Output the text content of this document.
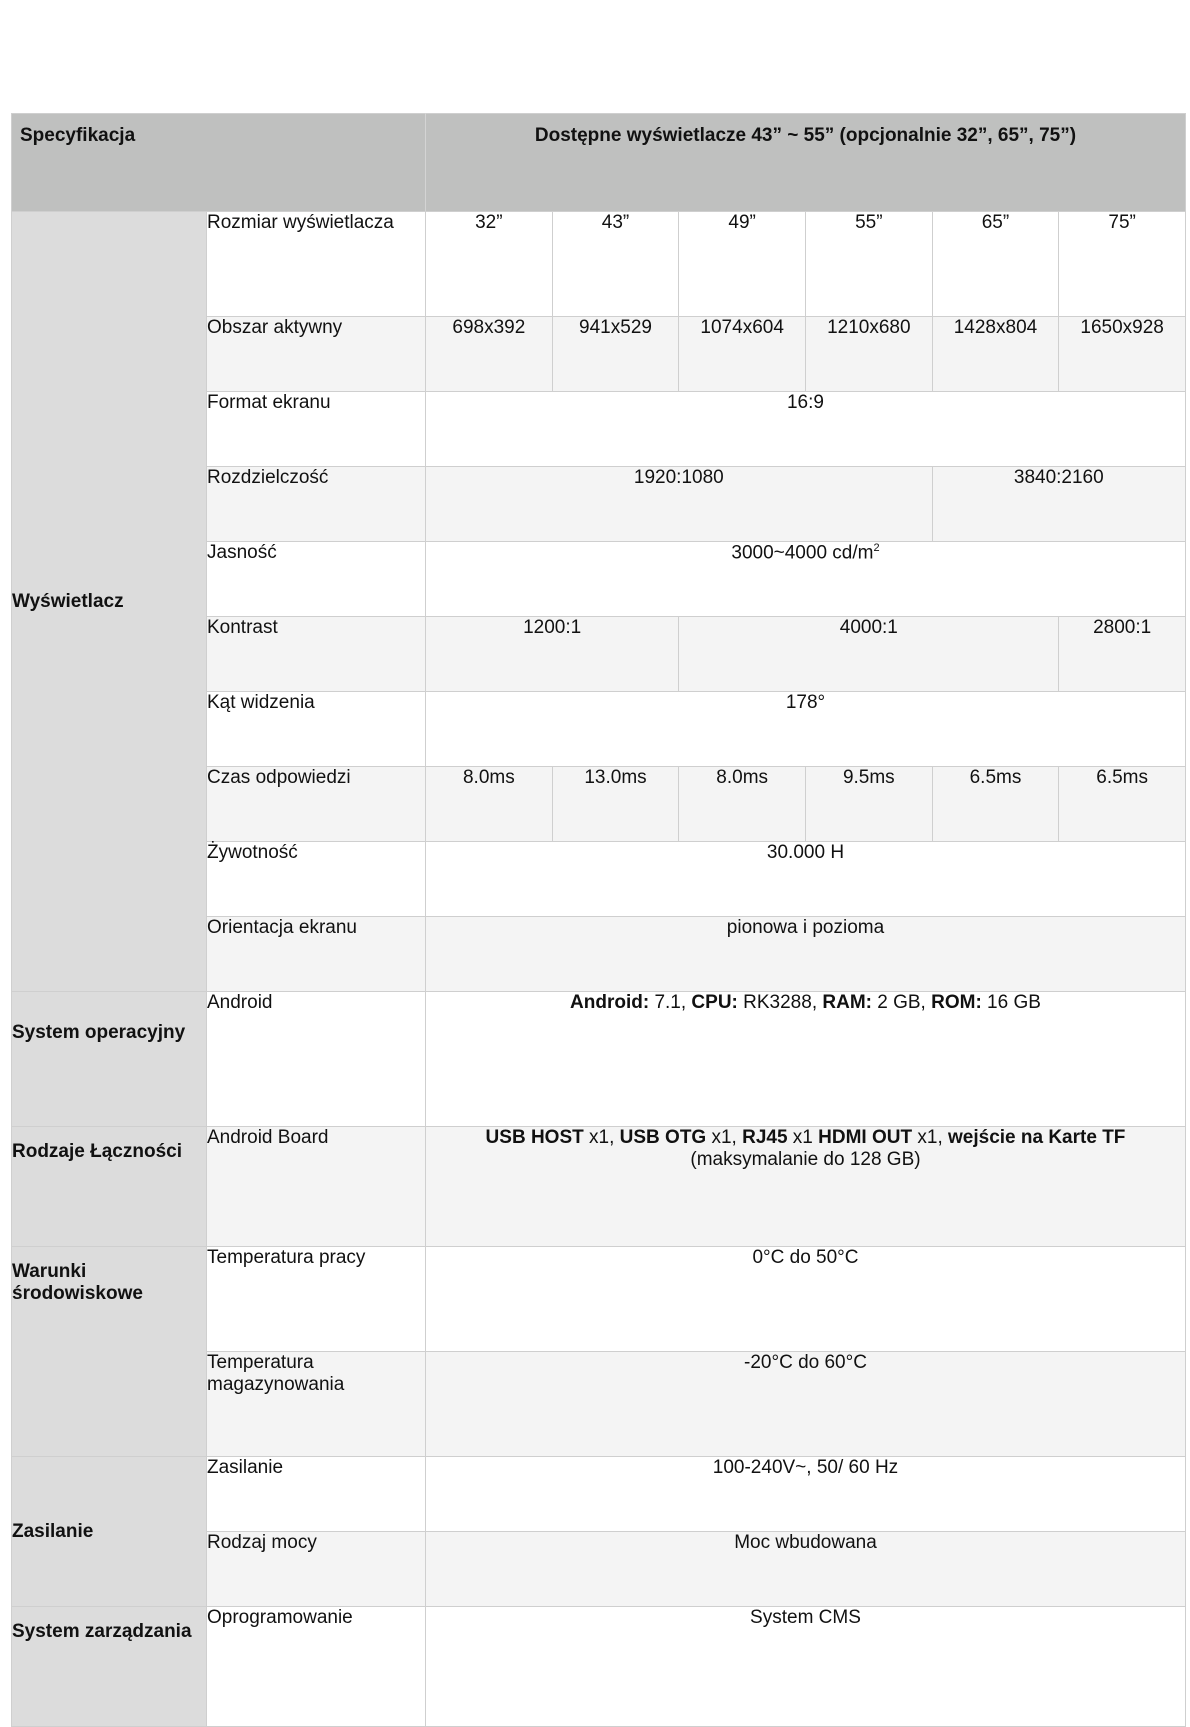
Specyfikacja		Dostępne wyświetlacze 43” ~ 55” (opcjonalnie 32”, 65”, 75”)					
Wyświetlacz	Rozmiar wyświetlacza	32”	43”	49”	55”	65”	75”
	Obszar aktywny	698x392	941x529	1074x604	1210x680	1428x804	1650x928
	Format ekranu	16:9					
	Rozdzielczość	1920:1080				3840:2160	
	Jasność	3000~4000 $cd/m^2$
	Kontrast	1200:1		4000:1			2800:1
	Kąt widzenia	178°					
	Czas odpowiedzi	8.0ms	13.0ms	8.0ms	9.5ms	6.5ms	6.5ms
	Żywotność	30.000 H					
	Orientacja ekranu	pionowa i pozioma					
System operacyjny	Android	Android: 7.1, CPU: RK3288, RAM: 2 GB, ROM: 16 GB					
Rodzaje Łączności	Android Board	USB HOST x1, USB OTG x1, RJ45 x1 HDMI OUT x1, wejście na Karte TF
(maksymalanie do 128 GB)					

Warunki środowiskowe	Temperatura pracy	0°C do 50°C					
	Temperatura magazynowania	-20°C do 60°C					
Zasilanie	Zasilanie	100-240V~, 50/ 60 Hz					
	Rodzaj mocy	Moc wbudowana					
System zarządzania	Oprogramowanie	System CMS					
